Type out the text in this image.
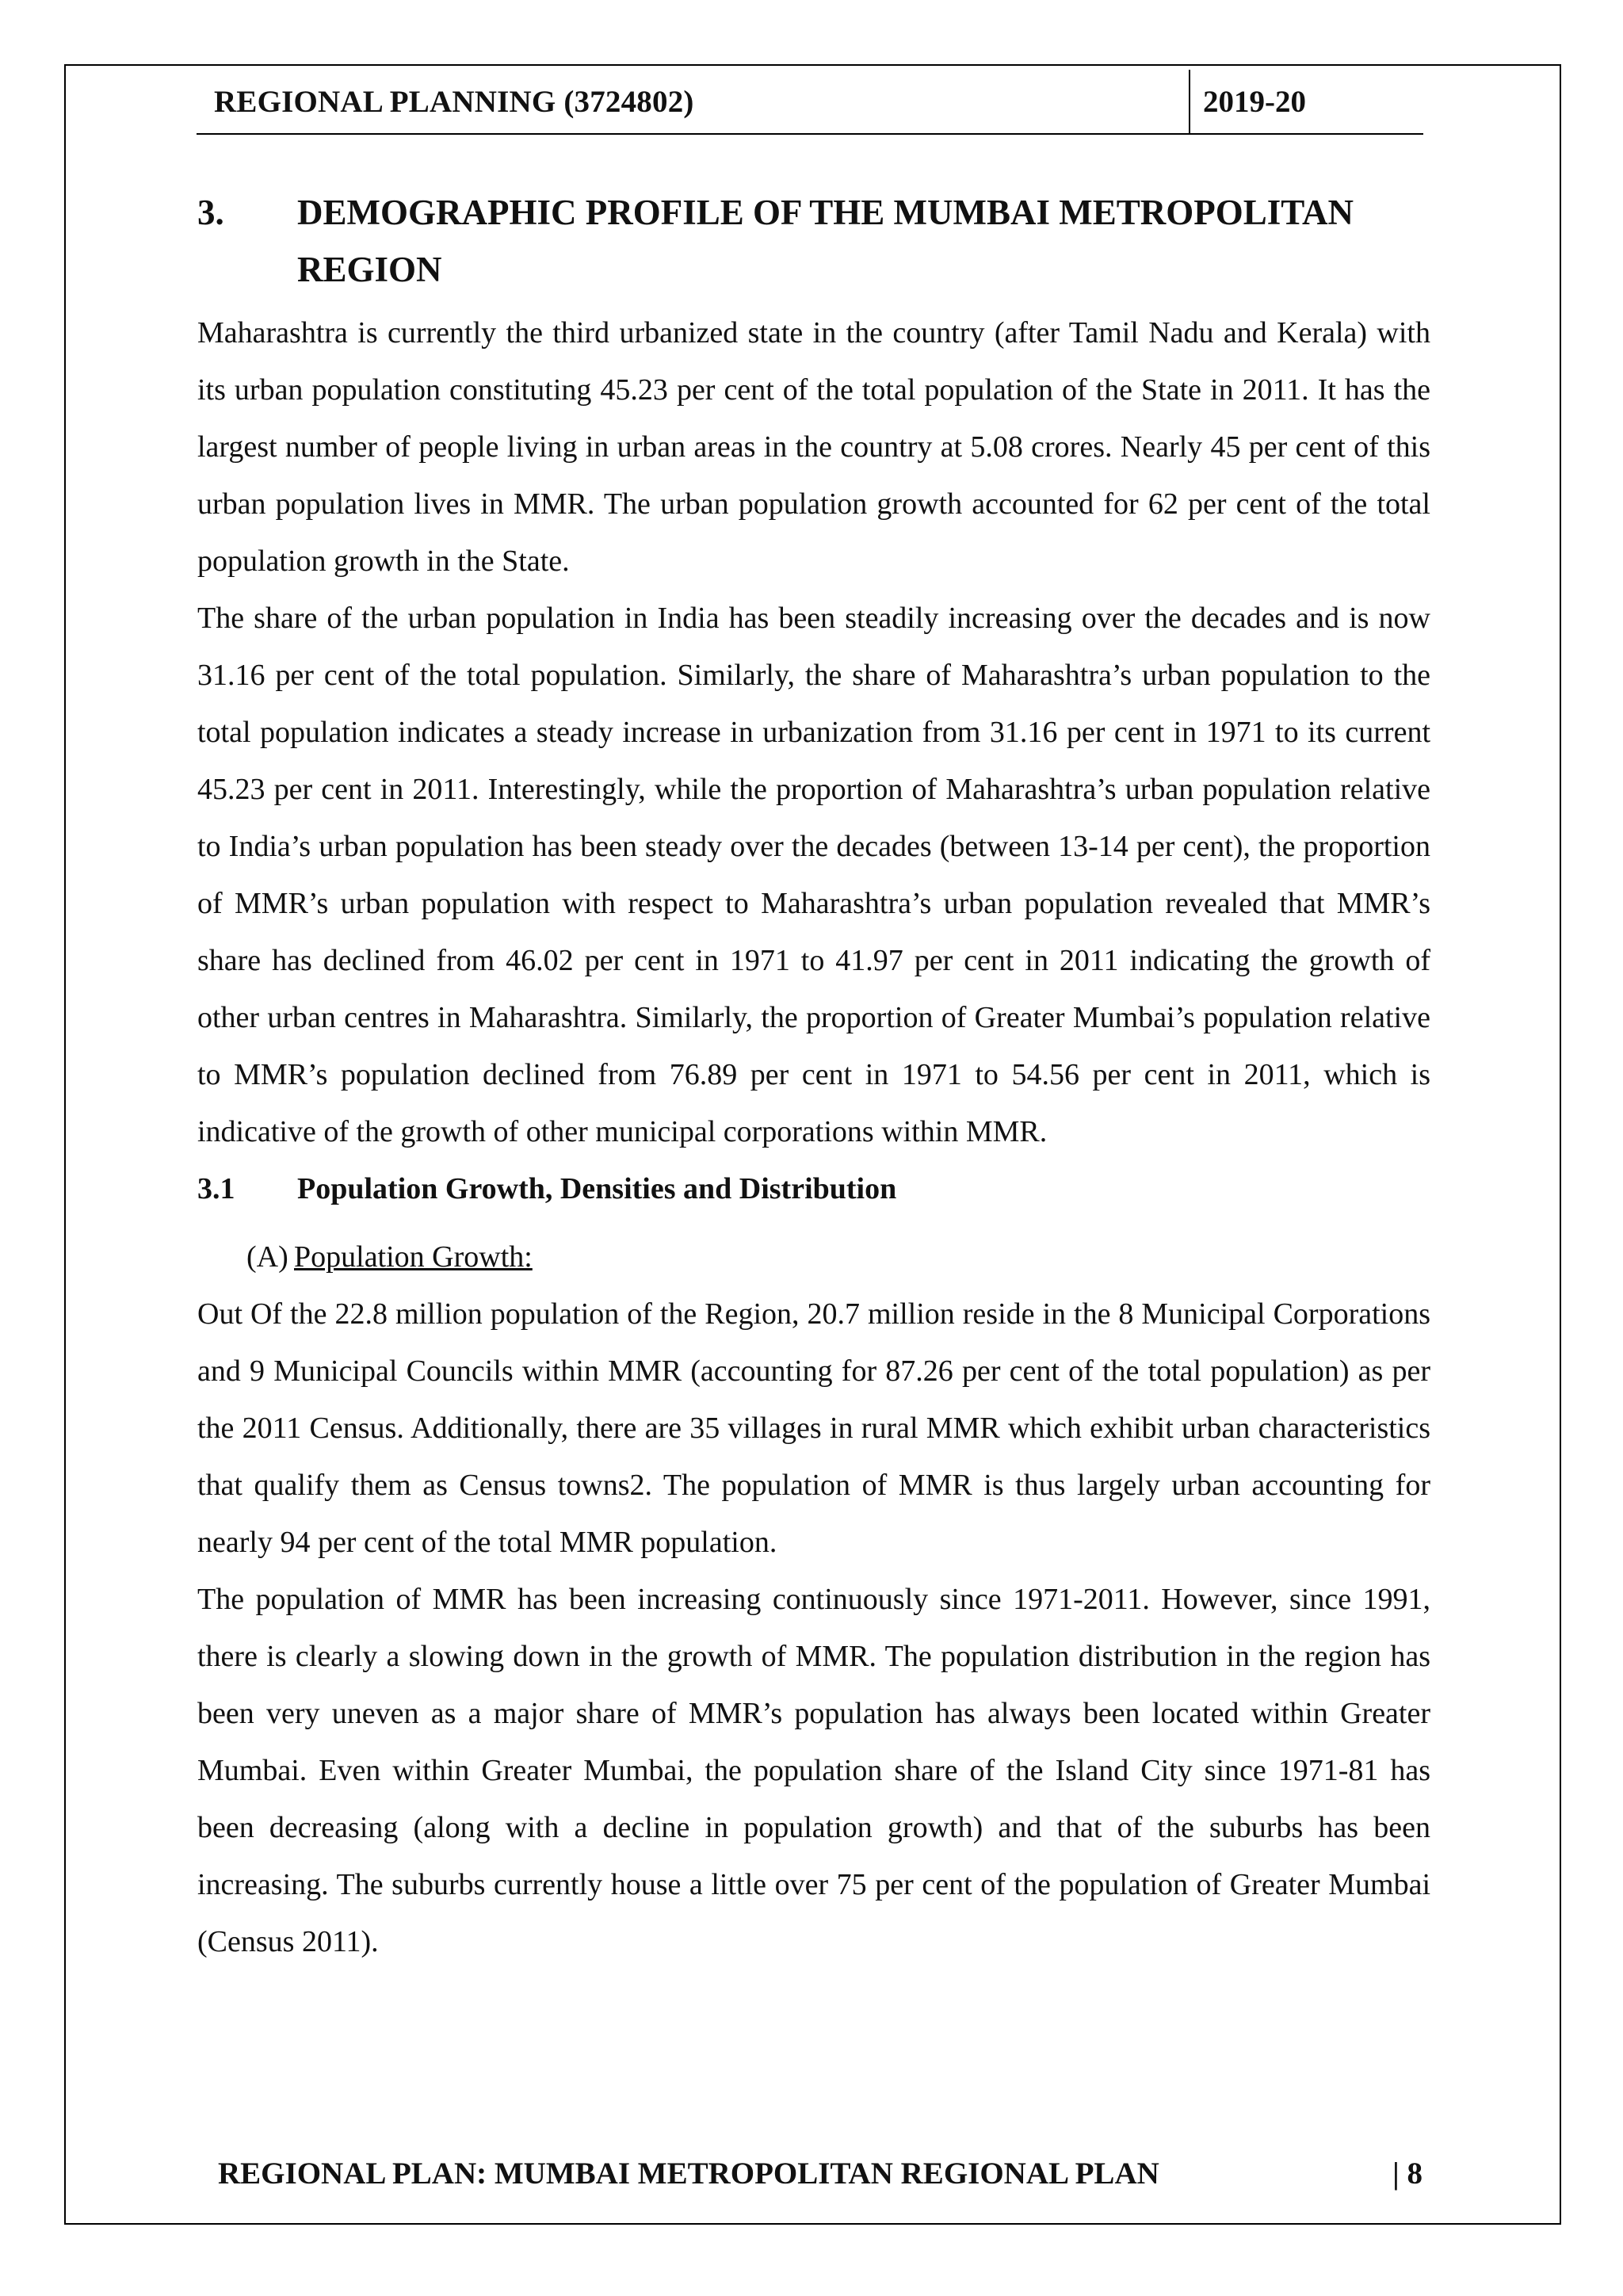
REGIONAL PLANNING (3724802)	2019-20
3.	DEMOGRAPHIC PROFILE OF THE MUMBAI METROPOLITAN REGION

Maharashtra is currently the third urbanized state in the country (after Tamil Nadu and Kerala) with its urban population constituting 45.23 per cent of the total population of the State in 2011. It has the largest number of people living in urban areas in the country at 5.08 crores. Nearly 45 per cent of this urban population lives in MMR. The urban population growth accounted for 62 per cent of the total population growth in the State.

The share of the urban population in India has been steadily increasing over the decades and is now 31.16 per cent of the total population. Similarly, the share of Maharashtra’s urban population to the total population indicates a steady increase in urbanization from 31.16 per cent in 1971 to its current 45.23 per cent in 2011. Interestingly, while the proportion of Maharashtra’s urban population relative to India’s urban population has been steady over the decades (between 13-14 per cent), the proportion of MMR’s urban population with respect to Maharashtra’s urban population revealed that MMR’s share has declined from 46.02 per cent in 1971 to 41.97 per cent in 2011 indicating the growth of other urban centres in Maharashtra. Similarly, the proportion of Greater Mumbai’s population relative to MMR’s population declined from 76.89 per cent in 1971 to 54.56 per cent in 2011, which is indicative of the growth of other municipal corporations within MMR.

3.1	Population Growth, Densities and Distribution
(A) Population Growth:

Out Of the 22.8 million population of the Region, 20.7 million reside in the 8 Municipal Corporations and 9 Municipal Councils within MMR (accounting for 87.26 per cent of the total population) as per the 2011 Census. Additionally, there are 35 villages in rural MMR which exhibit urban characteristics that qualify them as Census towns2. The population of MMR is thus largely urban accounting for nearly 94 per cent of the total MMR population.

The population of MMR has been increasing continuously since 1971-2011. However, since 1991, there is clearly a slowing down in the growth of MMR. The population distribution in the region has been very uneven as a major share of MMR’s population has always been located within Greater Mumbai. Even within Greater Mumbai, the population share of the Island City since 1971-81 has been decreasing (along with a decline in population growth) and that of the suburbs has been increasing. The suburbs currently house a little over 75 per cent of the population of Greater Mumbai (Census 2011).

REGIONAL PLAN: MUMBAI METROPOLITAN REGIONAL PLAN	| 8
